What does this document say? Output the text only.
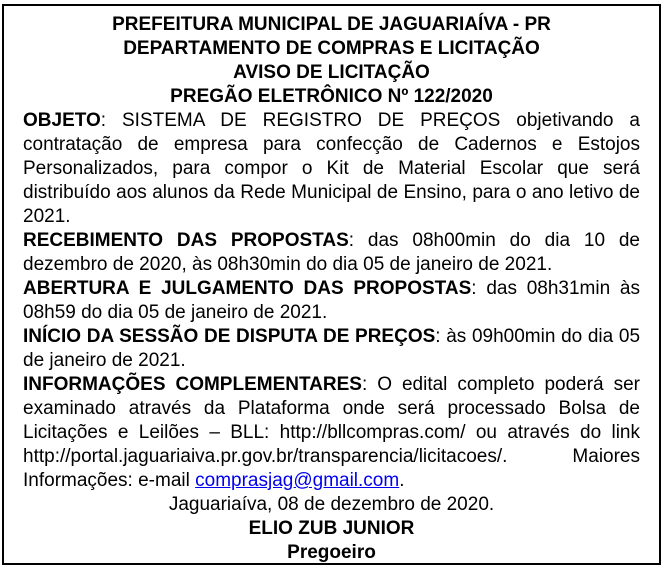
PREFEITURA MUNICIPAL DE JAGUARIAÍVA - PR
DEPARTAMENTO DE COMPRAS E LICITAÇÃO
AVISO DE LICITAÇÃO
PREGÃO ELETRÔNICO Nº 122/2020

OBJETO: SISTEMA DE REGISTRO DE PREÇOS objetivando a contratação de empresa para confecção de Cadernos e Estojos Personalizados, para compor o Kit de Material Escolar que será distribuído aos alunos da Rede Municipal de Ensino, para o ano letivo de 2021.

RECEBIMENTO DAS PROPOSTAS: das 08h00min do dia 10 de dezembro de 2020, às 08h30min do dia 05 de janeiro de 2021.

ABERTURA E JULGAMENTO DAS PROPOSTAS: das 08h31min às 08h59 do dia 05 de janeiro de 2021.

INÍCIO DA SESSÃO DE DISPUTA DE PREÇOS: às 09h00min do dia 05 de janeiro de 2021.

INFORMAÇÕES COMPLEMENTARES: O edital completo poderá ser examinado através da Plataforma onde será processado Bolsa de Licitações e Leilões – BLL: http://bllcompras.com/ ou através do link http://portal.jaguariaiva.pr.gov.br/transparencia/licitacoes/. Maiores Informações: e-mail comprasjag@gmail.com.

Jaguariaíva, 08 de dezembro de 2020.
ELIO ZUB JUNIOR
Pregoeiro
